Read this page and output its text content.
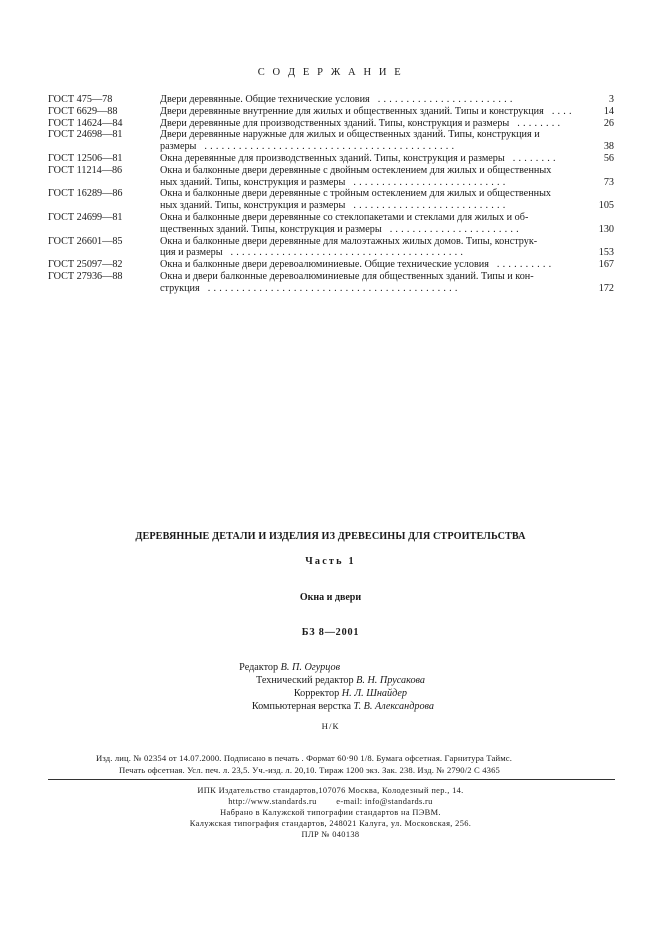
С О Д Е Р Ж А Н И Е
ГОСТ 475—78	Двери деревянные. Общие технические условия ........................	3
ГОСТ 6629—88	Двери деревянные внутренние для жилых и общественных зданий. Типы и конструкция ....	14
ГОСТ 14624—84	Двери деревянные для производственных зданий. Типы, конструкция и размеры ........	26
ГОСТ 24698—81	Двери деревянные наружные для жилых и общественных зданий. Типы, конструкция и
размеры ............................................	38
ГОСТ 12506—81	Окна деревянные для производственных зданий. Типы, конструкция и размеры ........	56
ГОСТ 11214—86	Окна и балконные двери деревянные с двойным остеклением для жилых и общественных
ных зданий. Типы, конструкция и размеры ...........................	73
ГОСТ 16289—86	Окна и балконные двери деревянные с тройным остеклением для жилых и общественных
ных зданий. Типы, конструкция и размеры ...........................	105
ГОСТ 24699—81	Окна и балконные двери деревянные со стеклопакетами и стеклами для жилых и об-
щественных зданий. Типы, конструкция и размеры .......................	130
ГОСТ 26601—85	Окна и балконные двери деревянные для малоэтажных жилых домов. Типы, конструк-
ция и размеры .........................................	153
ГОСТ 25097—82	Окна и балконные двери деревоалюминиевые. Общие технические условия ..........	167
ГОСТ 27936—88	Окна и двери балконные деревоалюминиевые для общественных зданий. Типы и кон-
струкция ............................................	172
ДЕРЕВЯННЫЕ ДЕТАЛИ И ИЗДЕЛИЯ ИЗ ДРЕВЕСИНЫ ДЛЯ СТРОИТЕЛЬСТВА
Часть 1
Окна и двери
БЗ 8—2001
Редактор В. П. Огурцов
Технический редактор В. Н. Прусакова
Корректор Н. Л. Шнайдер
Компьютерная верстка Т. В. Александрова
Н/К
Изд. лиц. № 02354 от 14.07.2000. Подписано в печать . Формат 60·90 1/8. Бумага офсетная. Гарнитура Таймс.
Печать офсетная. Усл. печ. л. 23,5. Уч.-изд. л. 20,10. Тираж 1200 экз. Зак. 238. Изд. № 2790/2 С 4365
ИПК Издательство стандартов,107076 Москва, Колодезный пер., 14.
http://www.standards.ru        e-mail: info@standards.ru
Набрано в Калужской типографии стандартов на ПЭВМ.
Калужская типография стандартов, 248021 Калуга, ул. Московская, 256.
ПЛР № 040138
